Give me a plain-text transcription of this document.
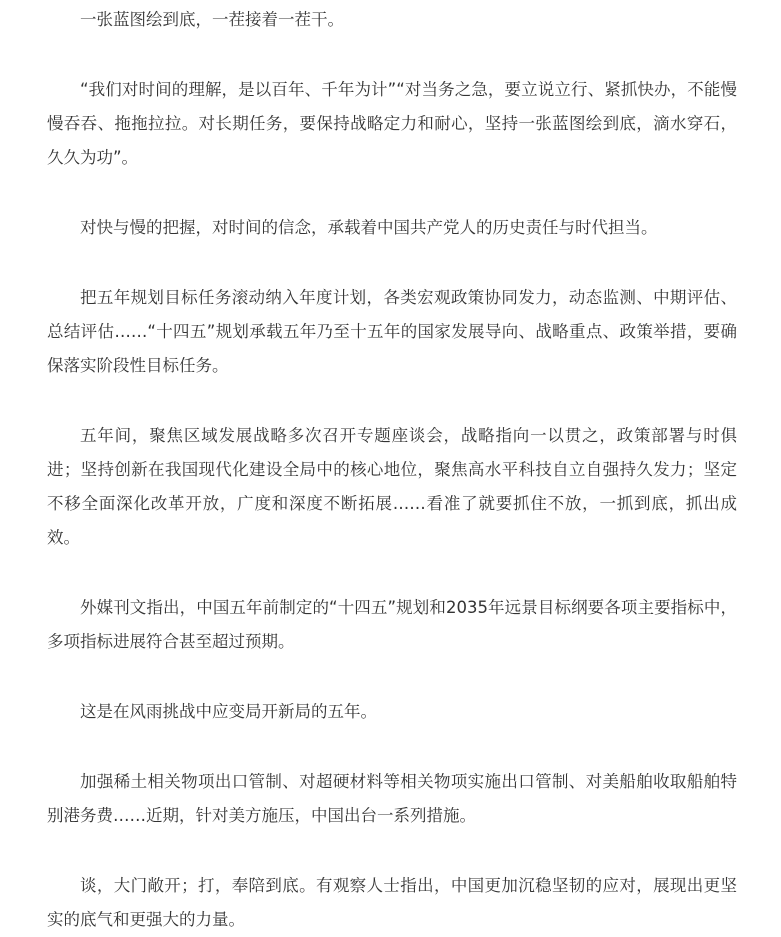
一张蓝图绘到底，一茬接着一茬干。

“我们对时间的理解，是以百年、千年为计”“对当务之急，要立说立行、紧抓快办，不能慢慢吞吞、拖拖拉拉。对长期任务，要保持战略定力和耐心，坚持一张蓝图绘到底，滴水穿石，久久为功”。

对快与慢的把握，对时间的信念，承载着中国共产党人的历史责任与时代担当。

把五年规划目标任务滚动纳入年度计划，各类宏观政策协同发力，动态监测、中期评估、总结评估……“十四五”规划承载五年乃至十五年的国家发展导向、战略重点、政策举措，要确保落实阶段性目标任务。

五年间，聚焦区域发展战略多次召开专题座谈会，战略指向一以贯之，政策部署与时俱进；坚持创新在我国现代化建设全局中的核心地位，聚焦高水平科技自立自强持久发力；坚定不移全面深化改革开放，广度和深度不断拓展……看准了就要抓住不放，一抓到底，抓出成效。

外媒刊文指出，中国五年前制定的“十四五”规划和2035年远景目标纲要各项主要指标中，多项指标进展符合甚至超过预期。

这是在风雨挑战中应变局开新局的五年。

加强稀土相关物项出口管制、对超硬材料等相关物项实施出口管制、对美船舶收取船舶特别港务费……近期，针对美方施压，中国出台一系列措施。

谈，大门敞开；打，奉陪到底。有观察人士指出，中国更加沉稳坚韧的应对，展现出更坚实的底气和更强大的力量。
